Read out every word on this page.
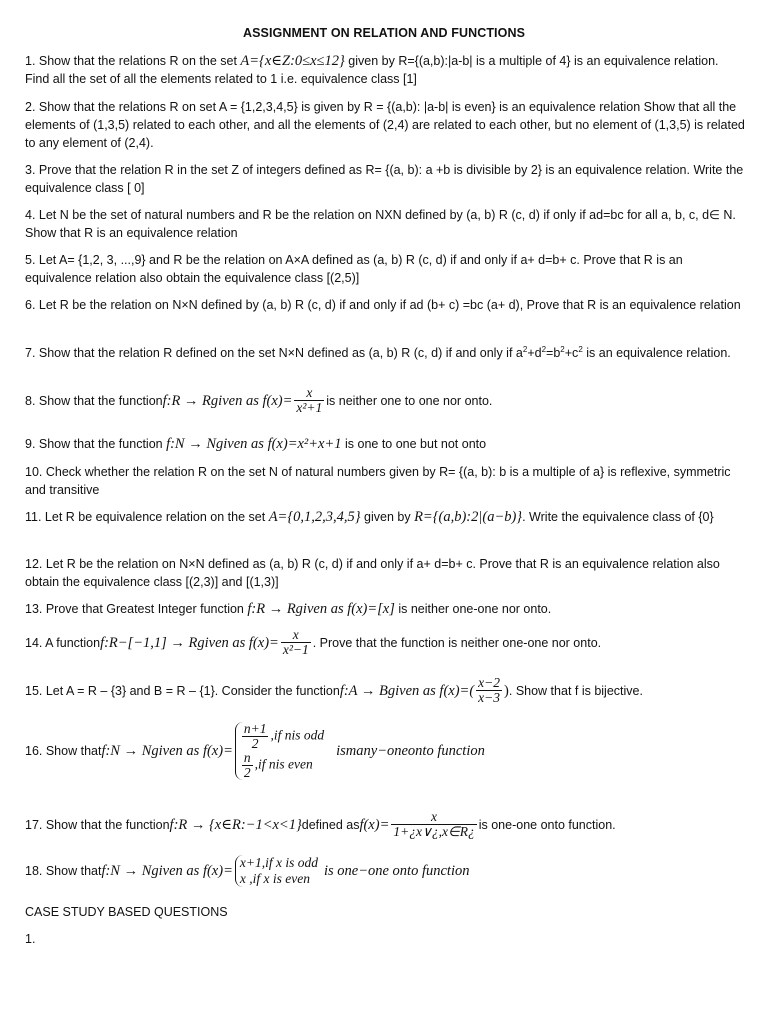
ASSIGNMENT ON RELATION AND FUNCTIONS
1. Show that the relations R on the set A={x∈Z:0≤x≤12} given by R={(a,b):|a-b| is a multiple of 4} is an equivalence relation. Find all the set of all the elements related to 1 i.e. equivalence class [1]
2. Show that the relations R on set A = {1,2,3,4,5} is given by R = {(a,b): |a-b| is even} is an equivalence relation Show that all the elements of (1,3,5) related to each other, and all the elements of (2,4) are related to each other, but no element of (1,3,5) is related to any element of (2,4).
3. Prove that the relation R in the set Z of integers defined as R= {(a, b): a +b is divisible by 2} is an equivalence relation. Write the equivalence class [ 0]
4. Let N be the set of natural numbers and R be the relation on NXN defined by (a, b) R (c, d) if only if ad=bc for all a, b, c, d∈ N. Show that R is an equivalence relation
5. Let A= {1,2, 3, ...,9} and R be the relation on A×A defined as (a, b) R (c, d) if and only if a+ d=b+ c. Prove that R is an equivalence relation also obtain the equivalence class [(2,5)]
6. Let R be the relation on N×N defined by (a, b) R (c, d) if and only if ad (b+ c) =bc (a+ d), Prove that R is an equivalence relation
7. Show that the relation R defined on the set N×N defined as (a, b) R (c, d) if and only if $a^2+d^2=b^2+c^2$ is an equivalence relation.
8. Show that the function f:R → Rgiven as $f(x)= \frac{x}{\text{x²+1}}$ is neither one to one nor onto.
9. Show that the function f:N → Ngiven as f(x)=x²+x+1 is one to one but not onto
10. Check whether the relation R on the set N of natural numbers given by R= {(a, b): b is a multiple of a} is reflexive, symmetric and transitive
11. Let R be equivalence relation on the set A={0,1,2,3,4,5} given by R={(a,b):2|(a−b)}. Write the equivalence class of {0}
12. Let R be the relation on N×N defined as (a, b) R (c, d) if and only if a+ d=b+ c. Prove that R is an equivalence relation also obtain the equivalence class [(2,3)] and [(1,3)]
13. Prove that Greatest Integer function f:R → Rgiven as f(x)=[x] is neither one-one nor onto.
14. A function f:R−[−1,1] → Rgiven as $f(x)= \frac{x}{\text{x²−1}}$ . Prove that the function is neither one-one nor onto.
15. Let A = R – {3} and B = R – {1}. Consider the function f:A → Bgiven as $f(x)=( \frac{x-2}{x-3}$ ) . Show that f is bijective.
16. Show that f:N → Ngiven as $f(x)= \frac{n+1}{2} ,if$ nis odd
$\frac{n}{2} ,if$ nis even
ismany−oneonto function
17. Show that the function f:R → {x∈R:−1<x<1} defined as $f(x)= \frac{x}{1+¿x\vee¿,x\in R¿}$ is one-one onto function.
18. Show that f:N → Ngiven as f(x)=
x+1,if x is odd
x ,if x is even is one−one onto function
CASE STUDY BASED QUESTIONS
1.
